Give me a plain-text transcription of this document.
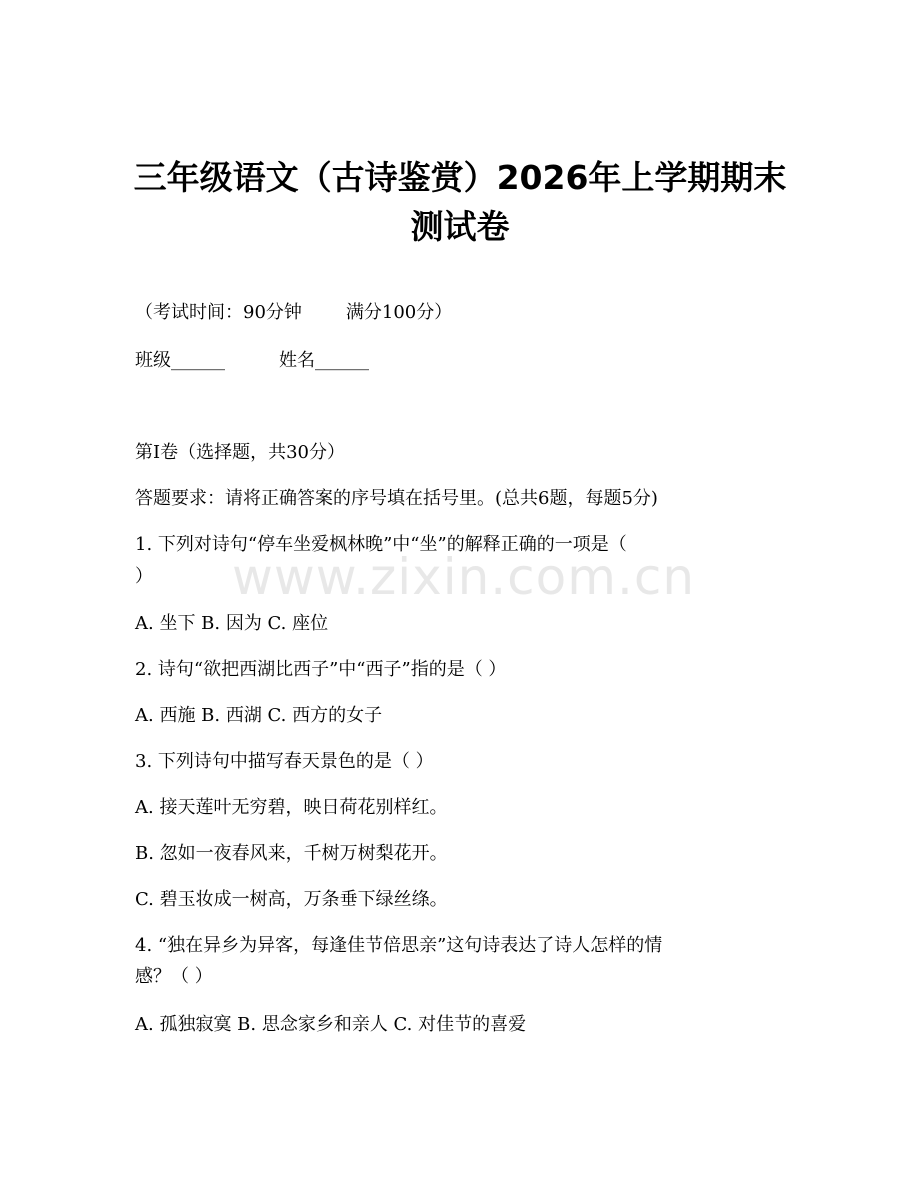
三年级语文（古诗鉴赏）2026年上学期期末
测试卷
（考试时间：90分钟 满分100分）
班级______	姓名______
第I卷（选择题，共30分）
答题要求：请将正确答案的序号填在括号里。(总共6题，每题5分)
1. 下列对诗句“停车坐爱枫林晚”中“坐”的解释正确的一项是（
）
A. 坐下 B. 因为 C. 座位
2. 诗句“欲把西湖比西子”中“西子”指的是（ ）
A. 西施 B. 西湖 C. 西方的女子
3. 下列诗句中描写春天景色的是（ ）
A. 接天莲叶无穷碧，映日荷花别样红。
B. 忽如一夜春风来，千树万树梨花开。
C. 碧玉妆成一树高，万条垂下绿丝绦。
4. “独在异乡为异客，每逢佳节倍思亲”这句诗表达了诗人怎样的情
感？（ ）
A. 孤独寂寞 B. 思念家乡和亲人 C. 对佳节的喜爱
www.zixin.com.cn
